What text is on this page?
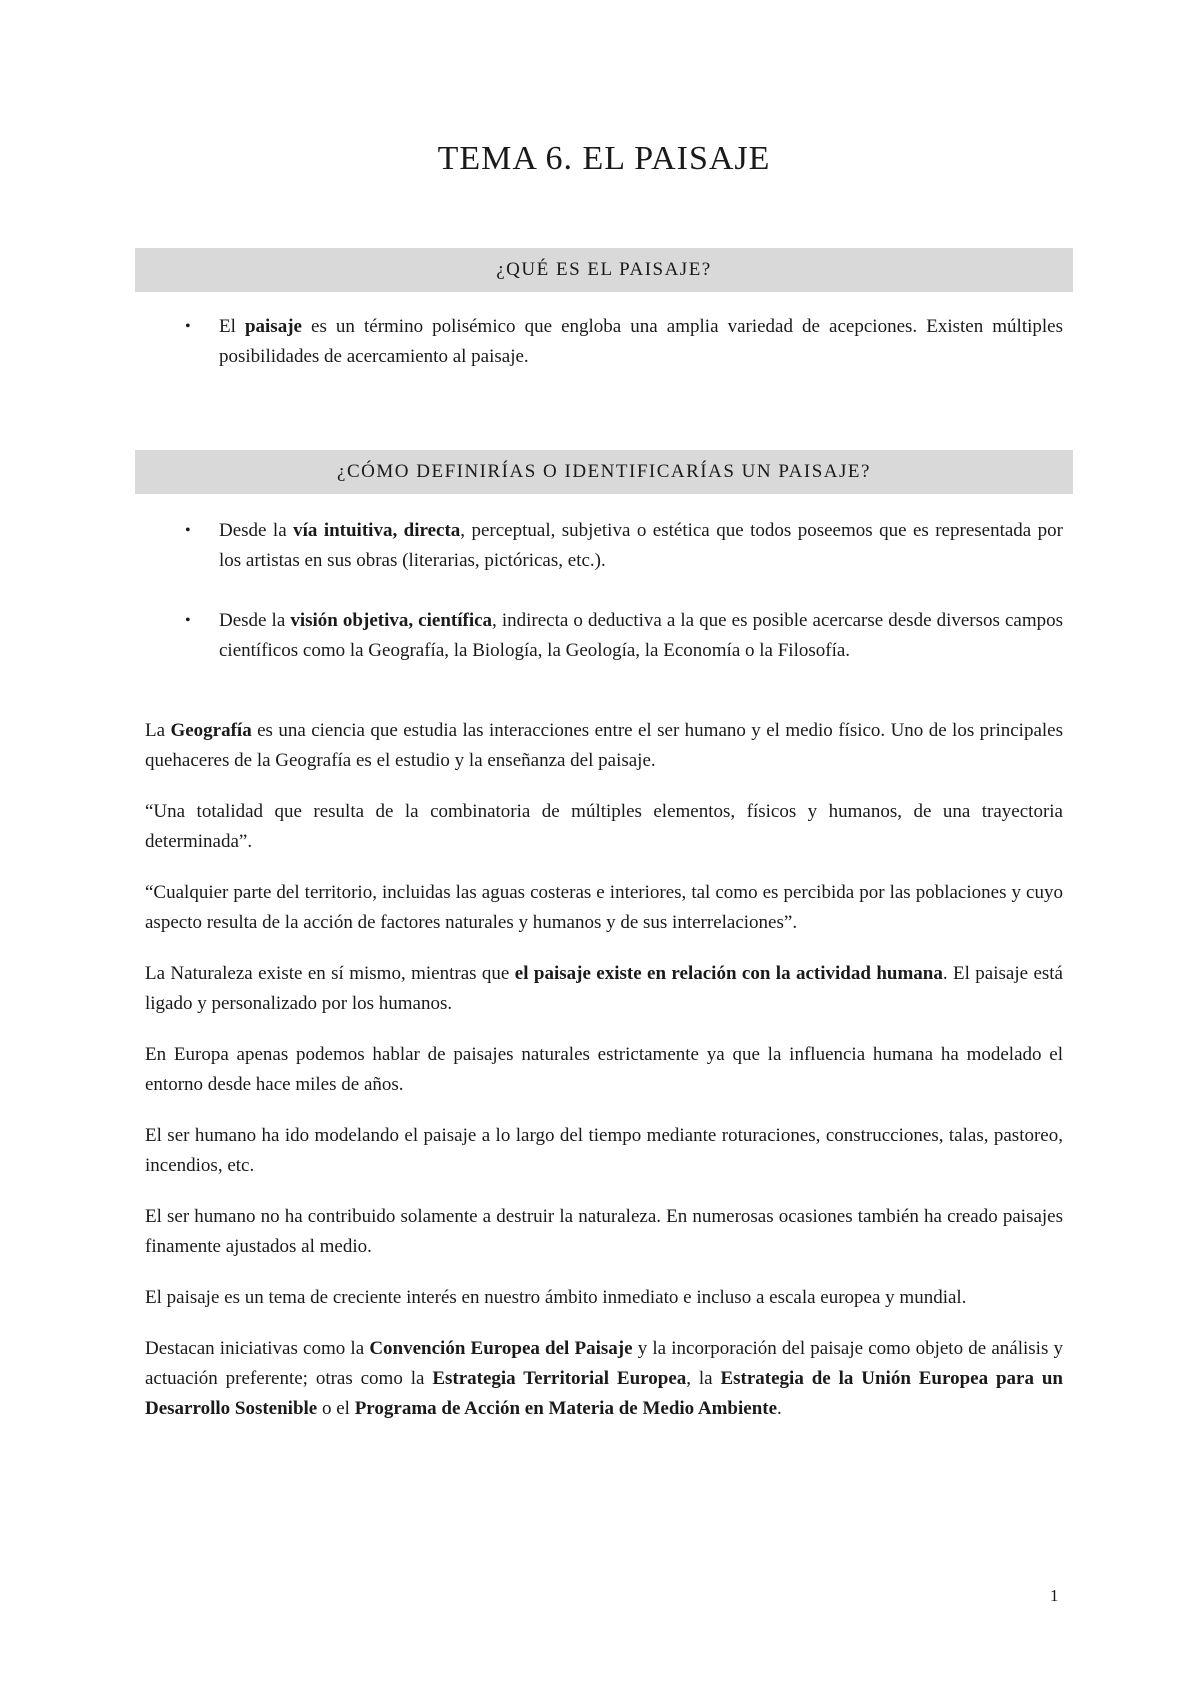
TEMA 6. EL PAISAJE
¿QUÉ ES EL PAISAJE?
• El paisaje es un término polisémico que engloba una amplia variedad de acepciones. Existen múltiples posibilidades de acercamiento al paisaje.
¿CÓMO DEFINIRÍAS O IDENTIFICARÍAS UN PAISAJE?
• Desde la vía intuitiva, directa, perceptual, subjetiva o estética que todos poseemos que es representada por los artistas en sus obras (literarias, pictóricas, etc.).
• Desde la visión objetiva, científica, indirecta o deductiva a la que es posible acercarse desde diversos campos científicos como la Geografía, la Biología, la Geología, la Economía o la Filosofía.

La Geografía es una ciencia que estudia las interacciones entre el ser humano y el medio físico. Uno de los principales quehaceres de la Geografía es el estudio y la enseñanza del paisaje.

“Una totalidad que resulta de la combinatoria de múltiples elementos, físicos y humanos, de una trayectoria determinada”.

“Cualquier parte del territorio, incluidas las aguas costeras e interiores, tal como es percibida por las poblaciones y cuyo aspecto resulta de la acción de factores naturales y humanos y de sus interrelaciones”.

La Naturaleza existe en sí mismo, mientras que el paisaje existe en relación con la actividad humana. El paisaje está ligado y personalizado por los humanos.

En Europa apenas podemos hablar de paisajes naturales estrictamente ya que la influencia humana ha modelado el entorno desde hace miles de años.

El ser humano ha ido modelando el paisaje a lo largo del tiempo mediante roturaciones, construcciones, talas, pastoreo, incendios, etc.

El ser humano no ha contribuido solamente a destruir la naturaleza. En numerosas ocasiones también ha creado paisajes finamente ajustados al medio.

El paisaje es un tema de creciente interés en nuestro ámbito inmediato e incluso a escala europea y mundial.

Destacan iniciativas como la Convención Europea del Paisaje y la incorporación del paisaje como objeto de análisis y actuación preferente; otras como la Estrategia Territorial Europea, la Estrategia de la Unión Europea para un Desarrollo Sostenible o el Programa de Acción en Materia de Medio Ambiente.

1
